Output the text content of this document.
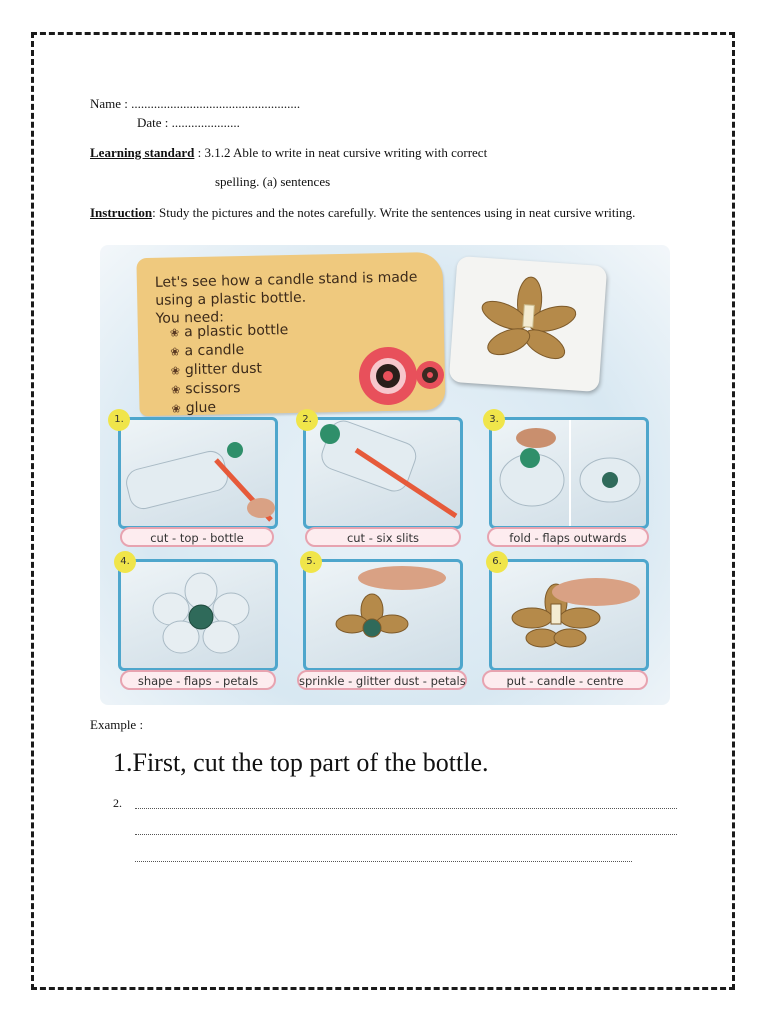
Name : ....................................................
Date : .....................
Learning standard : 3.1.2 Able to write in neat cursive writing with correct
spelling. (a) sentences
Instruction: Study the pictures and the notes carefully. Write the sentences using in neat cursive writing.
Let's see how a candle stand is made
using a plastic bottle.
You need:
❀ a plastic bottle
❀ a candle
❀ glitter dust
❀ scissors
❀ glue
1.	2.	3.
4.	5.	6.
cut - top - bottle	cut - six slits	fold - flaps outwards
shape - flaps - petals	sprinkle - glitter dust - petals	put - candle - centre
Example :
1.First, cut the top part of the bottle.
2.
